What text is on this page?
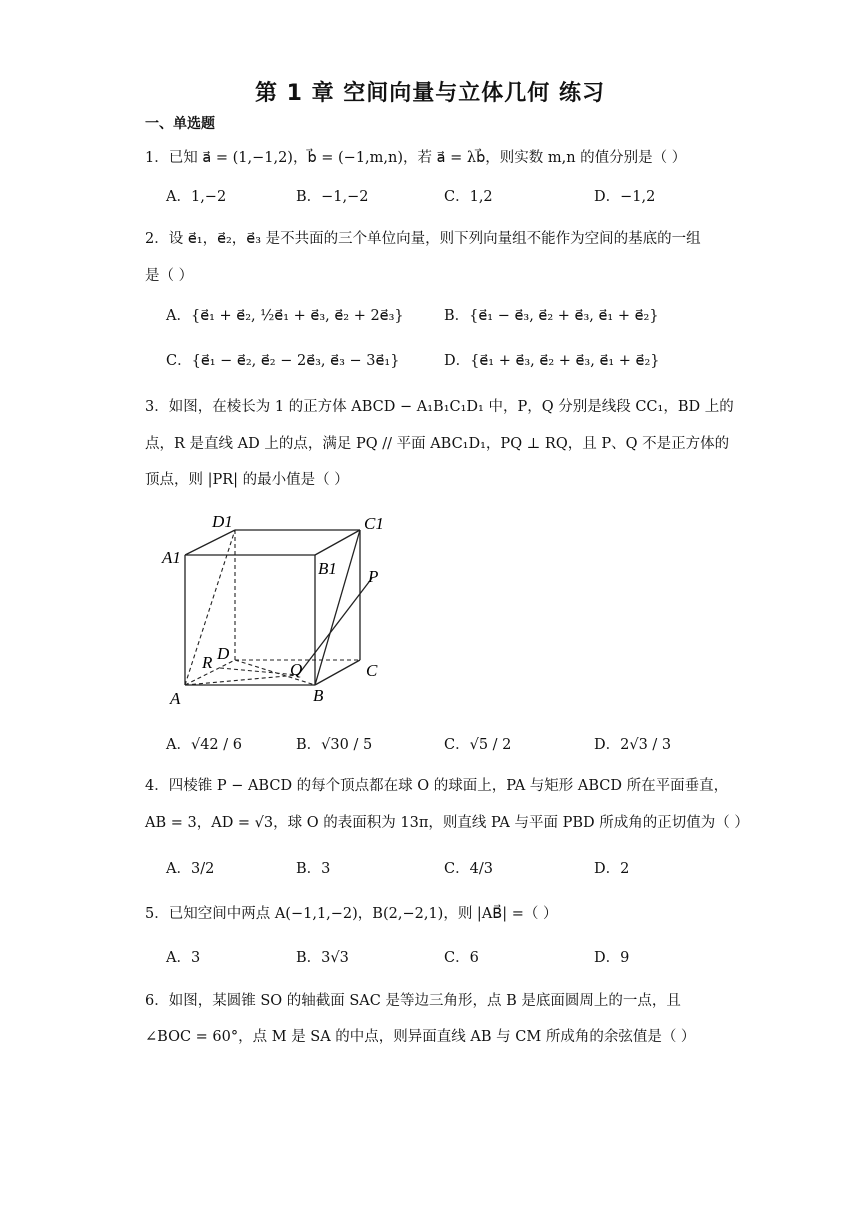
第 1 章 空间向量与立体几何 练习
一、单选题
1．已知 a⃗ = (1,−1,2)，b⃗ = (−1,m,n)，若 a⃗ = λb⃗，则实数 m,n 的值分别是（ ）
A．1,−2	B．−1,−2	C．1,2	D．−1,2
2．设 e⃗₁，e⃗₂，e⃗₃ 是不共面的三个单位向量，则下列向量组不能作为空间的基底的一组
是（ ）
A．{e⃗₁ + e⃗₂, ½e⃗₁ + e⃗₃, e⃗₂ + 2e⃗₃}	B．{e⃗₁ − e⃗₃, e⃗₂ + e⃗₃, e⃗₁ + e⃗₂}
C．{e⃗₁ − e⃗₂, e⃗₂ − 2e⃗₃, e⃗₃ − 3e⃗₁}	D．{e⃗₁ + e⃗₃, e⃗₂ + e⃗₃, e⃗₁ + e⃗₂}
3．如图，在棱长为 1 的正方体 ABCD − A₁B₁C₁D₁ 中，P，Q 分别是线段 CC₁，BD 上的
点，R 是直线 AD 上的点，满足 PQ // 平面 ABC₁D₁，PQ ⊥ RQ，且 P、Q 不是正方体的
顶点，则 |PR| 的最小值是（ ）
D1	C1
A1
B1 P
R D
Q	C
A	B
A．√42 / 6	B．√30 / 5	C．√5 / 2	D．2√3 / 3
4．四棱锥 P − ABCD 的每个顶点都在球 O 的球面上，PA 与矩形 ABCD 所在平面垂直，
AB = 3，AD = √3，球 O 的表面积为 13π，则直线 PA 与平面 PBD 所成角的正切值为（ ）
A．3/2	B．3	C．4/3	D．2
5．已知空间中两点 A(−1,1,−2)，B(2,−2,1)，则 |AB⃗| =（ ）
A．3	B．3√3	C．6	D．9
6．如图，某圆锥 SO 的轴截面 SAC 是等边三角形，点 B 是底面圆周上的一点，且
∠BOC = 60°，点 M 是 SA 的中点，则异面直线 AB 与 CM 所成角的余弦值是（ ）
